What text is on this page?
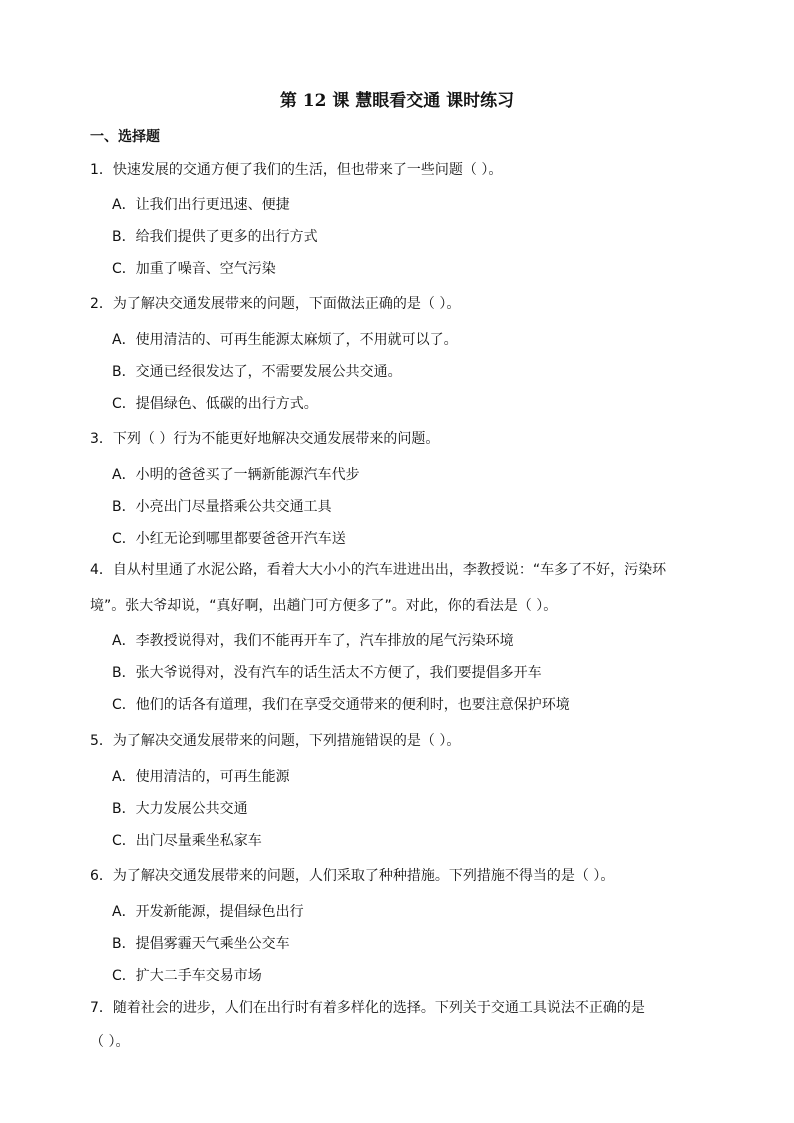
第 12 课 慧眼看交通 课时练习
一、选择题
1．快速发展的交通方便了我们的生活，但也带来了一些问题（ ）。
A．让我们出行更迅速、便捷
B．给我们提供了更多的出行方式
C．加重了噪音、空气污染
2．为了解决交通发展带来的问题，下面做法正确的是（ ）。
A．使用清洁的、可再生能源太麻烦了，不用就可以了。
B．交通已经很发达了，不需要发展公共交通。
C．提倡绿色、低碳的出行方式。
3．下列（ ）行为不能更好地解决交通发展带来的问题。
A．小明的爸爸买了一辆新能源汽车代步
B．小亮出门尽量搭乘公共交通工具
C．小红无论到哪里都要爸爸开汽车送
4．自从村里通了水泥公路，看着大大小小的汽车进进出出，李教授说：“车多了不好，污染环
境”。张大爷却说，“真好啊，出趟门可方便多了”。对此，你的看法是（ ）。
A．李教授说得对，我们不能再开车了，汽车排放的尾气污染环境
B．张大爷说得对，没有汽车的话生活太不方便了，我们要提倡多开车
C．他们的话各有道理，我们在享受交通带来的便利时，也要注意保护环境
5．为了解决交通发展带来的问题，下列措施错误的是（ ）。
A．使用清洁的，可再生能源
B．大力发展公共交通
C．出门尽量乘坐私家车
6．为了解决交通发展带来的问题，人们采取了种种措施。下列措施不得当的是（ ）。
A．开发新能源，提倡绿色出行
B．提倡雾霾天气乘坐公交车
C．扩大二手车交易市场
7．随着社会的进步，人们在出行时有着多样化的选择。下列关于交通工具说法不正确的是
（ ）。
